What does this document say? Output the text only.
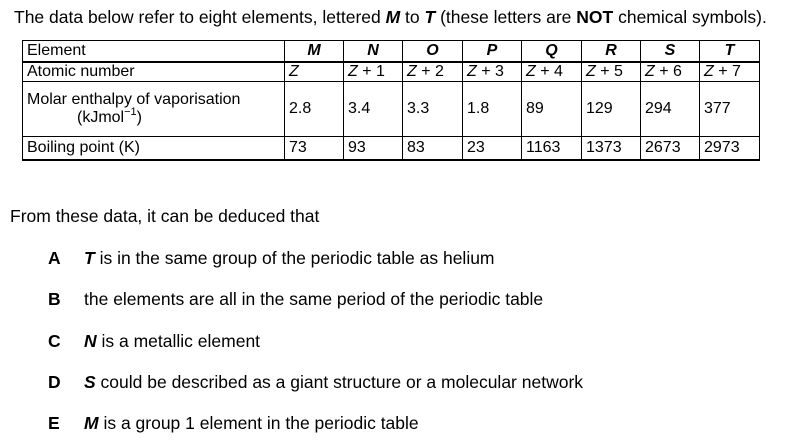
The data below refer to eight elements, lettered M to T (these letters are NOT chemical symbols).
Element	M	N	O	P	Q	R	S	T
Atomic number	Z	Z + 1	Z + 2	Z + 3	Z + 4	Z + 5	Z + 6	Z + 7

Molar enthalpy of vaporisation
(kJmol$^{-1}$)	2.8	3.4	3.3	1.8	89	129	294	377
Boiling point (K)	73	93	83	23	1163	1373	2673	2973
From these data, it can be deduced that
A T is in the same group of the periodic table as helium
B the elements are all in the same period of the periodic table
C N is a metallic element
D S could be described as a giant structure or a molecular network
E M is a group 1 element in the periodic table
